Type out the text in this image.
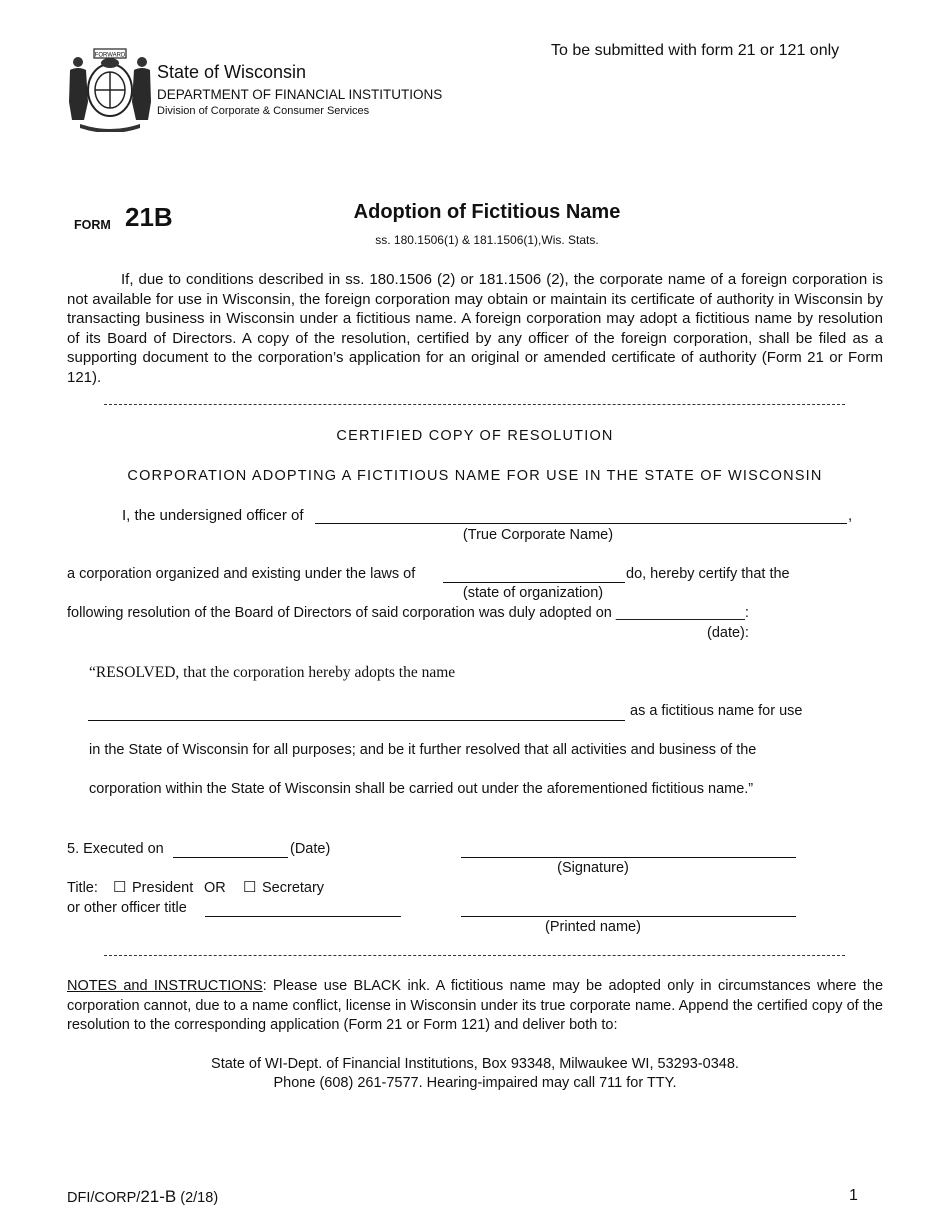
To be submitted with form 21 or 121 only
FORWARD
State of Wisconsin
DEPARTMENT OF FINANCIAL INSTITUTIONS
Division of Corporate & Consumer Services
FORM 21B	Adoption of Fictitious Name
ss. 180.1506(1) & 181.1506(1),Wis. Stats.
If, due to conditions described in ss. 180.1506 (2) or 181.1506 (2), the corporate name of a foreign corporation is not available for use in Wisconsin, the foreign corporation may obtain or maintain its certificate of authority in Wisconsin by transacting business in Wisconsin under a fictitious name. A foreign corporation may adopt a fictitious name by resolution of its Board of Directors. A copy of the resolution, certified by any officer of the foreign corporation, shall be filed as a supporting document to the corporation’s application for an original or amended certificate of authority (Form 21 or Form 121).
CERTIFIED COPY OF RESOLUTION
CORPORATION ADOPTING A FICTITIOUS NAME FOR USE IN THE STATE OF WISCONSIN
I, the undersigned officer of	,
(True Corporate Name)
a corporation organized and existing under the laws of	do, hereby certify that the
(state of organization)
following resolution of the Board of Directors of said corporation was duly adopted on ________________:
(date):
“RESOLVED, that the corporation hereby adopts the name
as a fictitious name for use
in the State of Wisconsin for all purposes; and be it further resolved that all activities and business of the
corporation within the State of Wisconsin shall be carried out under the aforementioned fictitious name.”
5. Executed on	(Date)
(Signature)
Title: ☐ President OR ☐ Secretary
or other officer title
(Printed name)
NOTES and INSTRUCTIONS: Please use BLACK ink. A fictitious name may be adopted only in circumstances where the corporation cannot, due to a name conflict, license in Wisconsin under its true corporate name. Append the certified copy of the resolution to the corresponding application (Form 21 or Form 121) and deliver both to:
State of WI-Dept. of Financial Institutions, Box 93348, Milwaukee WI, 53293-0348.
Phone (608) 261-7577. Hearing-impaired may call 711 for TTY.
DFI/CORP/21-B (2/18)	1
